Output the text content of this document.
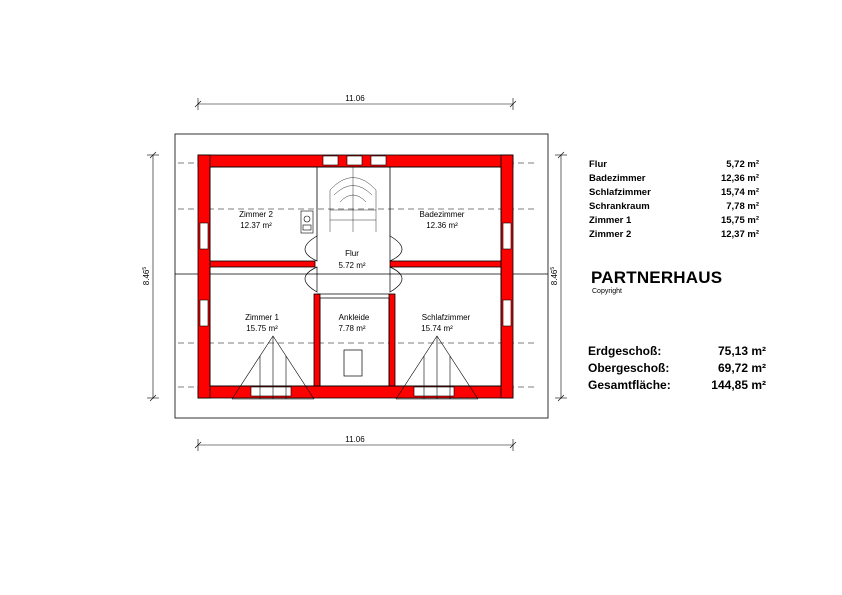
11.06
11.06
8.46$^5$
8.46$^5$
Zimmer 2
12.37 m²
Badezimmer
12.36 m²
Flur
5.72 m²
Zimmer 1
15.75 m²
Ankleide
7.78 m²
Schlafzimmer
15.74 m²
Flur	5,72 m²
Badezimmer	12,36 m²
Schlafzimmer	15,74 m²
Schrankraum	7,78 m²
Zimmer 1	15,75 m²
Zimmer 2	12,37 m²
PARTNERHAUS
Copyright
Erdgeschoß:	75,13 m²
Obergeschoß:	69,72 m²
Gesamtfläche:	144,85 m²
